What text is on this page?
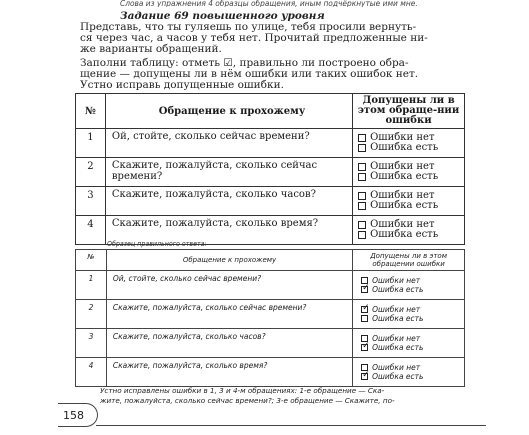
Слова из упражнения 4 образцы обращения, иным подчёркнутые ими мне.
Задание 69 повышенного уровня
Представь, что ты гуляешь по улице, тебя просили вернуть-
ся через час, а часов у тебя нет. Прочитай предложенные ни-
же варианты обращений.
Заполни таблицу: отметь ☑, правильно ли построено обра-
щение — допущены ли в нём ошибки или таких ошибок нет.
Устно исправь допущенные ошибки.
№	Обращение к прохожему	Допущены ли в этом обраще-нии ошибки
1	Ой, стойте, сколько сейчас времени?	Ошибки нет
Ошибка есть

2	Скажите, пожалуйста, сколько сейчас времени?	Ошибки нет
Ошибка есть

3	Скажите, пожалуйста, сколько часов?	Ошибки нет
Ошибка есть

4	Скажите, пожалуйста, сколько время?	Ошибки нет
Ошибка есть
Образец правильного ответа:
№	Обращение к прохожему	Допущены ли в этом обращении ошибки
1	Ой, стойте, сколько сейчас времени?	Ошибки нет
✓
Ошибка есть

2	Скажите, пожалуйста, сколько сейчас времени?	
✓Ошибки нет
Ошибка есть

3	Скажите, пожалуйста, сколько часов?	Ошибки нет
✓
Ошибка есть

4	Скажите, пожалуйста, сколько время?	Ошибки нет
✓
Ошибка есть
Устно исправлены ошибки в 1, 3 и 4-м обращениях: 1-е обращение — Ска-
жите, пожалуйста, сколько сейчас времени?; 3-е обращение — Скажите, по-
158
